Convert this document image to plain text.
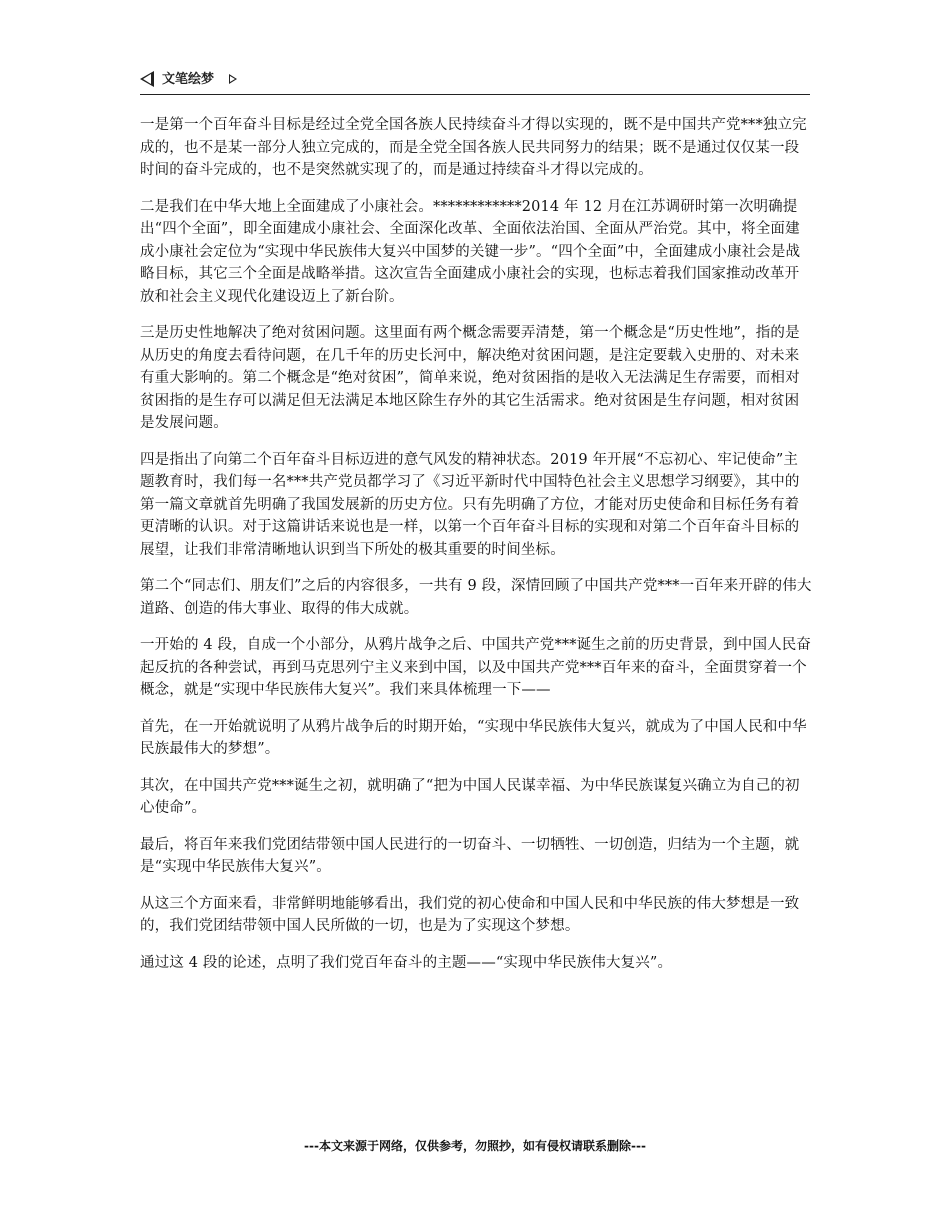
文笔绘梦

一是第一个百年奋斗目标是经过全党全国各族人民持续奋斗才得以实现的，既不是中国共产党***独立完成的，也不是某一部分人独立完成的，而是全党全国各族人民共同努力的结果；既不是通过仅仅某一段时间的奋斗完成的，也不是突然就实现了的，而是通过持续奋斗才得以完成的。

二是我们在中华大地上全面建成了小康社会。************2014 年 12 月在江苏调研时第一次明确提出“四个全面”，即全面建成小康社会、全面深化改革、全面依法治国、全面从严治党。其中，将全面建成小康社会定位为“实现中华民族伟大复兴中国梦的关键一步”。“四个全面”中，全面建成小康社会是战略目标，其它三个全面是战略举措。这次宣告全面建成小康社会的实现，也标志着我们国家推动改革开放和社会主义现代化建设迈上了新台阶。

三是历史性地解决了绝对贫困问题。这里面有两个概念需要弄清楚，第一个概念是“历史性地”，指的是从历史的角度去看待问题，在几千年的历史长河中，解决绝对贫困问题，是注定要载入史册的、对未来有重大影响的。第二个概念是“绝对贫困”，简单来说，绝对贫困指的是收入无法满足生存需要，而相对贫困指的是生存可以满足但无法满足本地区除生存外的其它生活需求。绝对贫困是生存问题，相对贫困是发展问题。

四是指出了向第二个百年奋斗目标迈进的意气风发的精神状态。2019 年开展“不忘初心、牢记使命”主题教育时，我们每一名***共产党员都学习了《习近平新时代中国特色社会主义思想学习纲要》，其中的第一篇文章就首先明确了我国发展新的历史方位。只有先明确了方位，才能对历史使命和目标任务有着更清晰的认识。对于这篇讲话来说也是一样，以第一个百年奋斗目标的实现和对第二个百年奋斗目标的展望，让我们非常清晰地认识到当下所处的极其重要的时间坐标。

第二个“同志们、朋友们”之后的内容很多，一共有 9 段，深情回顾了中国共产党***一百年来开辟的伟大道路、创造的伟大事业、取得的伟大成就。

一开始的 4 段，自成一个小部分，从鸦片战争之后、中国共产党***诞生之前的历史背景，到中国人民奋起反抗的各种尝试，再到马克思列宁主义来到中国，以及中国共产党***百年来的奋斗，全面贯穿着一个概念，就是“实现中华民族伟大复兴”。我们来具体梳理一下——

首先，在一开始就说明了从鸦片战争后的时期开始，“实现中华民族伟大复兴，就成为了中国人民和中华民族最伟大的梦想”。

其次，在中国共产党***诞生之初，就明确了“把为中国人民谋幸福、为中华民族谋复兴确立为自己的初心使命”。

最后，将百年来我们党团结带领中国人民进行的一切奋斗、一切牺牲、一切创造，归结为一个主题，就是“实现中华民族伟大复兴”。

从这三个方面来看，非常鲜明地能够看出，我们党的初心使命和中国人民和中华民族的伟大梦想是一致的，我们党团结带领中国人民所做的一切，也是为了实现这个梦想。

通过这 4 段的论述，点明了我们党百年奋斗的主题——“实现中华民族伟大复兴”。

---本文来源于网络，仅供参考，勿照抄，如有侵权请联系删除---
